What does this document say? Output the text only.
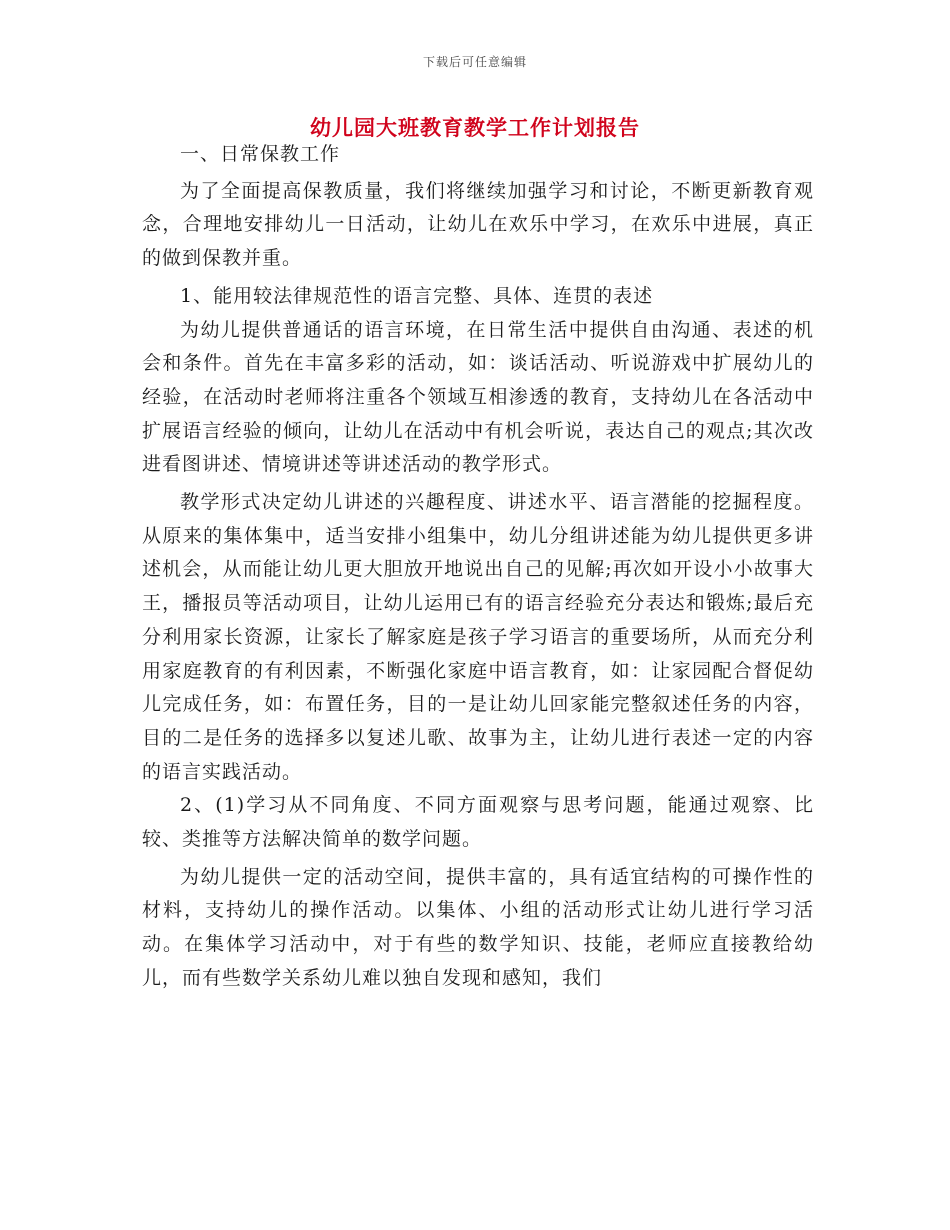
下载后可任意编辑
幼儿园大班教育教学工作计划报告

一、日常保教工作

为了全面提高保教质量，我们将继续加强学习和讨论，不断更新教育观念，合理地安排幼儿一日活动，让幼儿在欢乐中学习，在欢乐中进展，真正的做到保教并重。

1、能用较法律规范性的语言完整、具体、连贯的表述

为幼儿提供普通话的语言环境，在日常生活中提供自由沟通、表述的机会和条件。首先在丰富多彩的活动，如：谈话活动、听说游戏中扩展幼儿的经验，在活动时老师将注重各个领域互相渗透的教育，支持幼儿在各活动中扩展语言经验的倾向，让幼儿在活动中有机会听说，表达自己的观点;其次改进看图讲述、情境讲述等讲述活动的教学形式。

教学形式决定幼儿讲述的兴趣程度、讲述水平、语言潜能的挖掘程度。从原来的集体集中，适当安排小组集中，幼儿分组讲述能为幼儿提供更多讲述机会，从而能让幼儿更大胆放开地说出自己的见解;再次如开设小小故事大王，播报员等活动项目，让幼儿运用已有的语言经验充分表达和锻炼;最后充分利用家长资源，让家长了解家庭是孩子学习语言的重要场所，从而充分利用家庭教育的有利因素，不断强化家庭中语言教育，如：让家园配合督促幼儿完成任务，如：布置任务，目的一是让幼儿回家能完整叙述任务的内容，目的二是任务的选择多以复述儿歌、故事为主，让幼儿进行表述一定的内容的语言实践活动。

2、(1)学习从不同角度、不同方面观察与思考问题，能通过观察、比较、类推等方法解决简单的数学问题。

为幼儿提供一定的活动空间，提供丰富的，具有适宜结构的可操作性的材料，支持幼儿的操作活动。以集体、小组的活动形式让幼儿进行学习活动。在集体学习活动中，对于有些的数学知识、技能，老师应直接教给幼儿，而有些数学关系幼儿难以独自发现和感知，我们
